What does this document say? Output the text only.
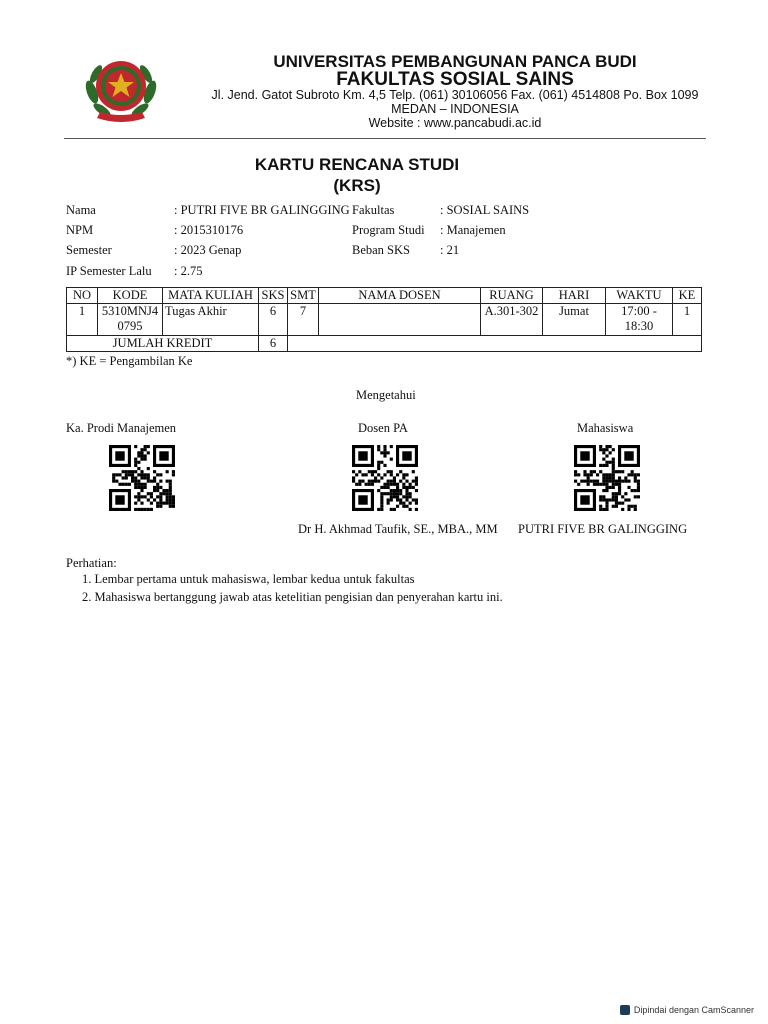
UNIVERSITAS PEMBANGUNAN PANCA BUDI
FAKULTAS SOSIAL SAINS
Jl. Jend. Gatot Subroto Km. 4,5 Telp. (061) 30106056 Fax. (061) 4514808 Po. Box 1099
MEDAN – INDONESIA
Website : www.pancabudi.ac.id
KARTU RENCANA STUDI
(KRS)
Nama	: PUTRI FIVE BR GALINGGING Fakultas	: SOSIAL SAINS
NPM	: 2015310176	Program Studi : Manajemen
Semester	: 2023 Genap	Beban SKS : 21
IP Semester Lalu : 2.75
NO	KODE	MATA KULIAH	SKS	SMT	NAMA DOSEN	RUANG	HARI	WAKTU	KE
1	5310MNJ40795	Tugas Akhir	6	7		A.301-302	Jumat	17:00 - 18:30	1
JUMLAH KREDIT			6						
*) KE = Pengambilan Ke
Mengetahui
Ka. Prodi Manajemen	Dosen PA	Mahasiswa
Dr H. Akhmad Taufik, SE., MBA., MM PUTRI FIVE BR GALINGGING
Perhatian:
1. Lembar pertama untuk mahasiswa, lembar kedua untuk fakultas
2. Mahasiswa bertanggung jawab atas ketelitian pengisian dan penyerahan kartu ini.
Dipindai dengan CamScanner
